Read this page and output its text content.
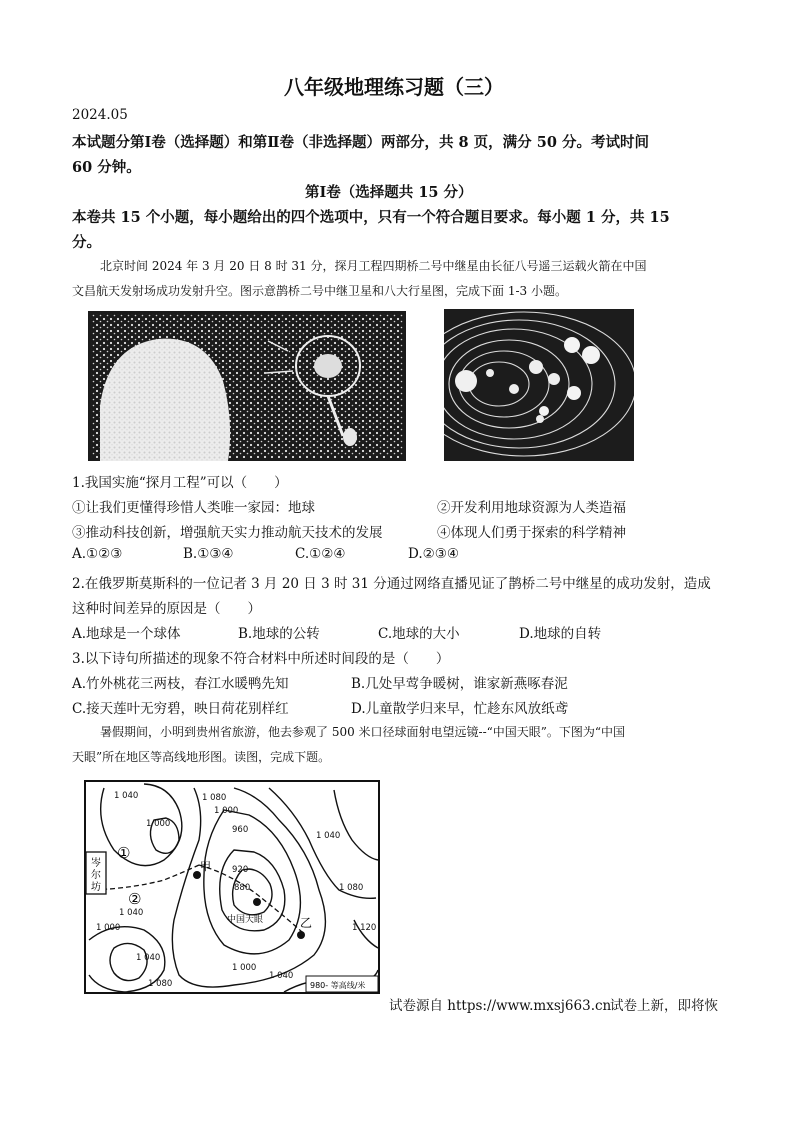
八年级地理练习题（三）
2024.05
本试题分第Ⅰ卷（选择题）和第Ⅱ卷（非选择题）两部分，共 8 页，满分 50 分。考试时间
60 分钟。
第Ⅰ卷（选择题共 15 分）
本卷共 15 个小题，每小题给出的四个选项中，只有一个符合题目要求。每小题 1 分，共 15
分。
北京时间 2024 年 3 月 20 日 8 时 31 分，探月工程四期桥二号中继星由长征八号遥三运载火箭在中国
文昌航天发射场成功发射升空。图示意鹊桥二号中继卫星和八大行星图，完成下面 1-3 小题。
1.我国实施“探月工程”可以（　　）
①让我们更懂得珍惜人类唯一家园：地球	②开发利用地球资源为人类造福
③推动科技创新，增强航天实力推动航天技术的发展	④体现人们勇于探索的科学精神
A.①②③	B.①③④	C.①②④	D.②③④
2.在俄罗斯莫斯科的一位记者 3 月 20 日 3 时 31 分通过网络直播见证了鹊桥二号中继星的成功发射，造成
这种时间差异的原因是（　　）
A.地球是一个球体	B.地球的公转	C.地球的大小	D.地球的自转
3.以下诗句所描述的现象不符合材料中所述时间段的是（　　）
A.竹外桃花三两枝，春江水暖鸭先知	B.几处早莺争暖树，谁家新燕啄春泥
C.接天莲叶无穷碧，映日荷花别样红	D.儿童散学归来早，忙趁东风放纸鸢
暑假期间，小明到贵州省旅游，他去参观了 500 米口径球面射电望远镜--“中国天眼”。下图为“中国
天眼”所在地区等高线地形图。读图，完成下题。
岑
尔
坊
①
②
甲
中国天眼	乙
1 040	1 080
1 000
1 000
960
920
880
1 040
1 080
1 120
1 040
1 000
1 040
1 080
1 040
1 000
980- 等高线/米
试卷源自 https://www.mxsj663.cn
试卷上新，即将恢
